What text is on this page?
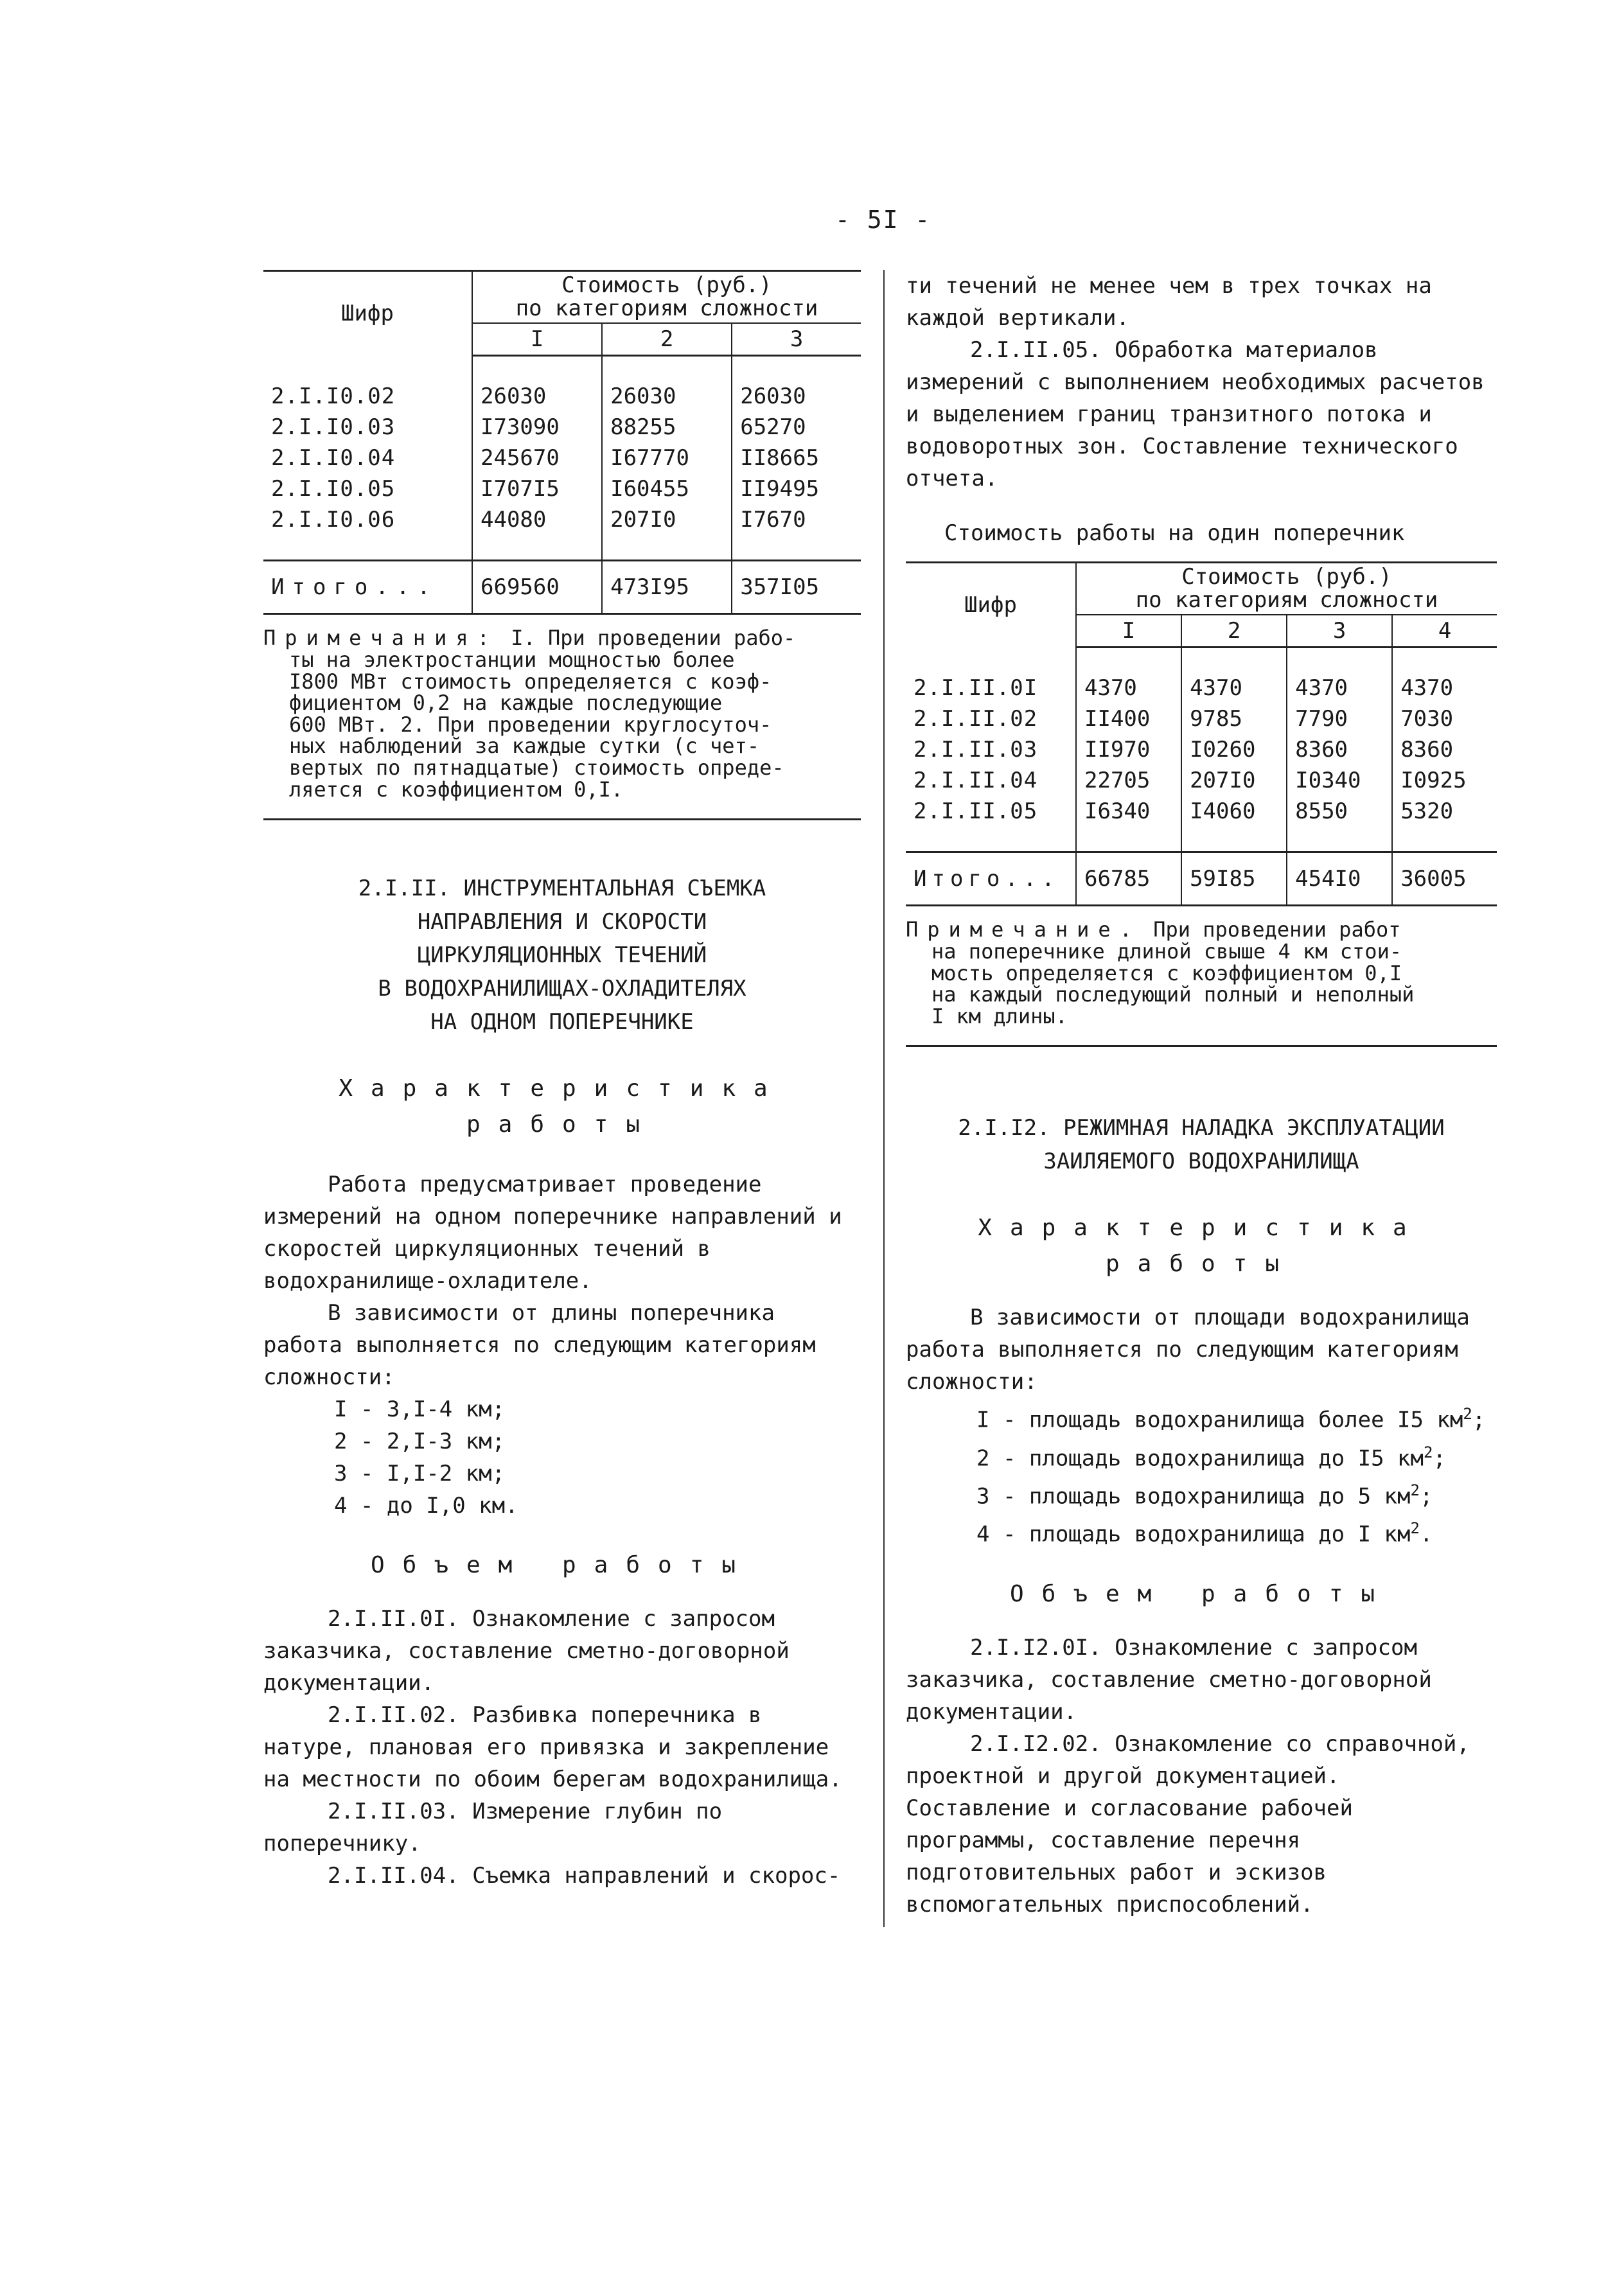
- 5I -
Шифр	Стоимость (руб.)
по категориям сложности		

	I	2	3

2.I.I0.02	26030	26030	26030
2.I.I0.03	I73090	88255	65270
2.I.I0.04	245670	I67770	II8665
2.I.I0.05	I707I5	I60455	II9495
2.I.I0.06	44080	207I0	I7670

Итого...	669560	473I95	357I05
Примечания: I. При проведении рабо-
ты на электростанции мощностью более
I800 МВт стоимость определяется с коэф-
фициентом 0,2 на каждые последующие
600 МВт. 2. При проведении круглосуточ-
ных наблюдений за каждые сутки (с чет-
вертых по пятнадцатые) стоимость опреде-
ляется с коэффициентом 0,I.
2.I.II. ИНСТРУМЕНТАЛЬНАЯ СЪЕМКА
НАПРАВЛЕНИЯ И СКОРОСТИ
ЦИРКУЛЯЦИОННЫХ ТЕЧЕНИЙ
В ВОДОХРАНИЛИЩАХ-ОХЛАДИТЕЛЯХ
НА ОДНОМ ПОПЕРЕЧНИКЕ
Характеристика
работы

Работа предусматривает проведение измерений на одном поперечнике направлений и скоростей циркуляционных течений в водохранилище-охладителе.

В зависимости от длины поперечника работа выполняется по следующим категориям сложности:

I - 3,I-4 км;
2 - 2,I-3 км;
3 - I,I-2 км;
4 - до I,0 км.
Объем работы

2.I.II.0I. Ознакомление с запросом заказчика, составление сметно-договорной документации.

2.I.II.02. Разбивка поперечника в натуре, плановая его привязка и закрепление на местности по обоим берегам водохранилища.

2.I.II.03. Измерение глубин по поперечнику.

2.I.II.04. Съемка направлений и скорос-

ти течений не менее чем в трех точках на каждой вертикали.

2.I.II.05. Обработка материалов измерений с выполнением необходимых расчетов и выделением границ транзитного потока и водоворотных зон. Составление технического отчета.

Стоимость работы на один поперечник
Шифр	Стоимость (руб.)
по категориям сложности			

	I	2	3	4

2.I.II.0I	4370	4370	4370	4370
2.I.II.02	II400	9785	7790	7030
2.I.II.03	II970	I0260	8360	8360
2.I.II.04	22705	207I0	I0340	I0925
2.I.II.05	I6340	I4060	8550	5320

Итого...	66785	59I85	454I0	36005
Примечание. При проведении работ
на поперечнике длиной свыше 4 км стои-
мость определяется с коэффициентом 0,I
на каждый последующий полный и неполный
I км длины.
2.I.I2. РЕЖИМНАЯ НАЛАДКА ЭКСПЛУАТАЦИИ
ЗАИЛЯЕМОГО ВОДОХРАНИЛИЩА
Характеристика
работы

В зависимости от площади водохранилища работа выполняется по следующим категориям сложности:

I - площадь водохранилища более I5 $км^2$;
2 - площадь водохранилища до I5 $км^2$;
3 - площадь водохранилища до 5 $км^2$;
4 - площадь водохранилища до I $км^2$.
Объем работы

2.I.I2.0I. Ознакомление с запросом заказчика, составление сметно-договорной документации.

2.I.I2.02. Ознакомление со справочной, проектной и другой документацией. Составление и согласование рабочей программы, составление перечня подготовительных работ и эскизов вспомогательных приспособлений.
